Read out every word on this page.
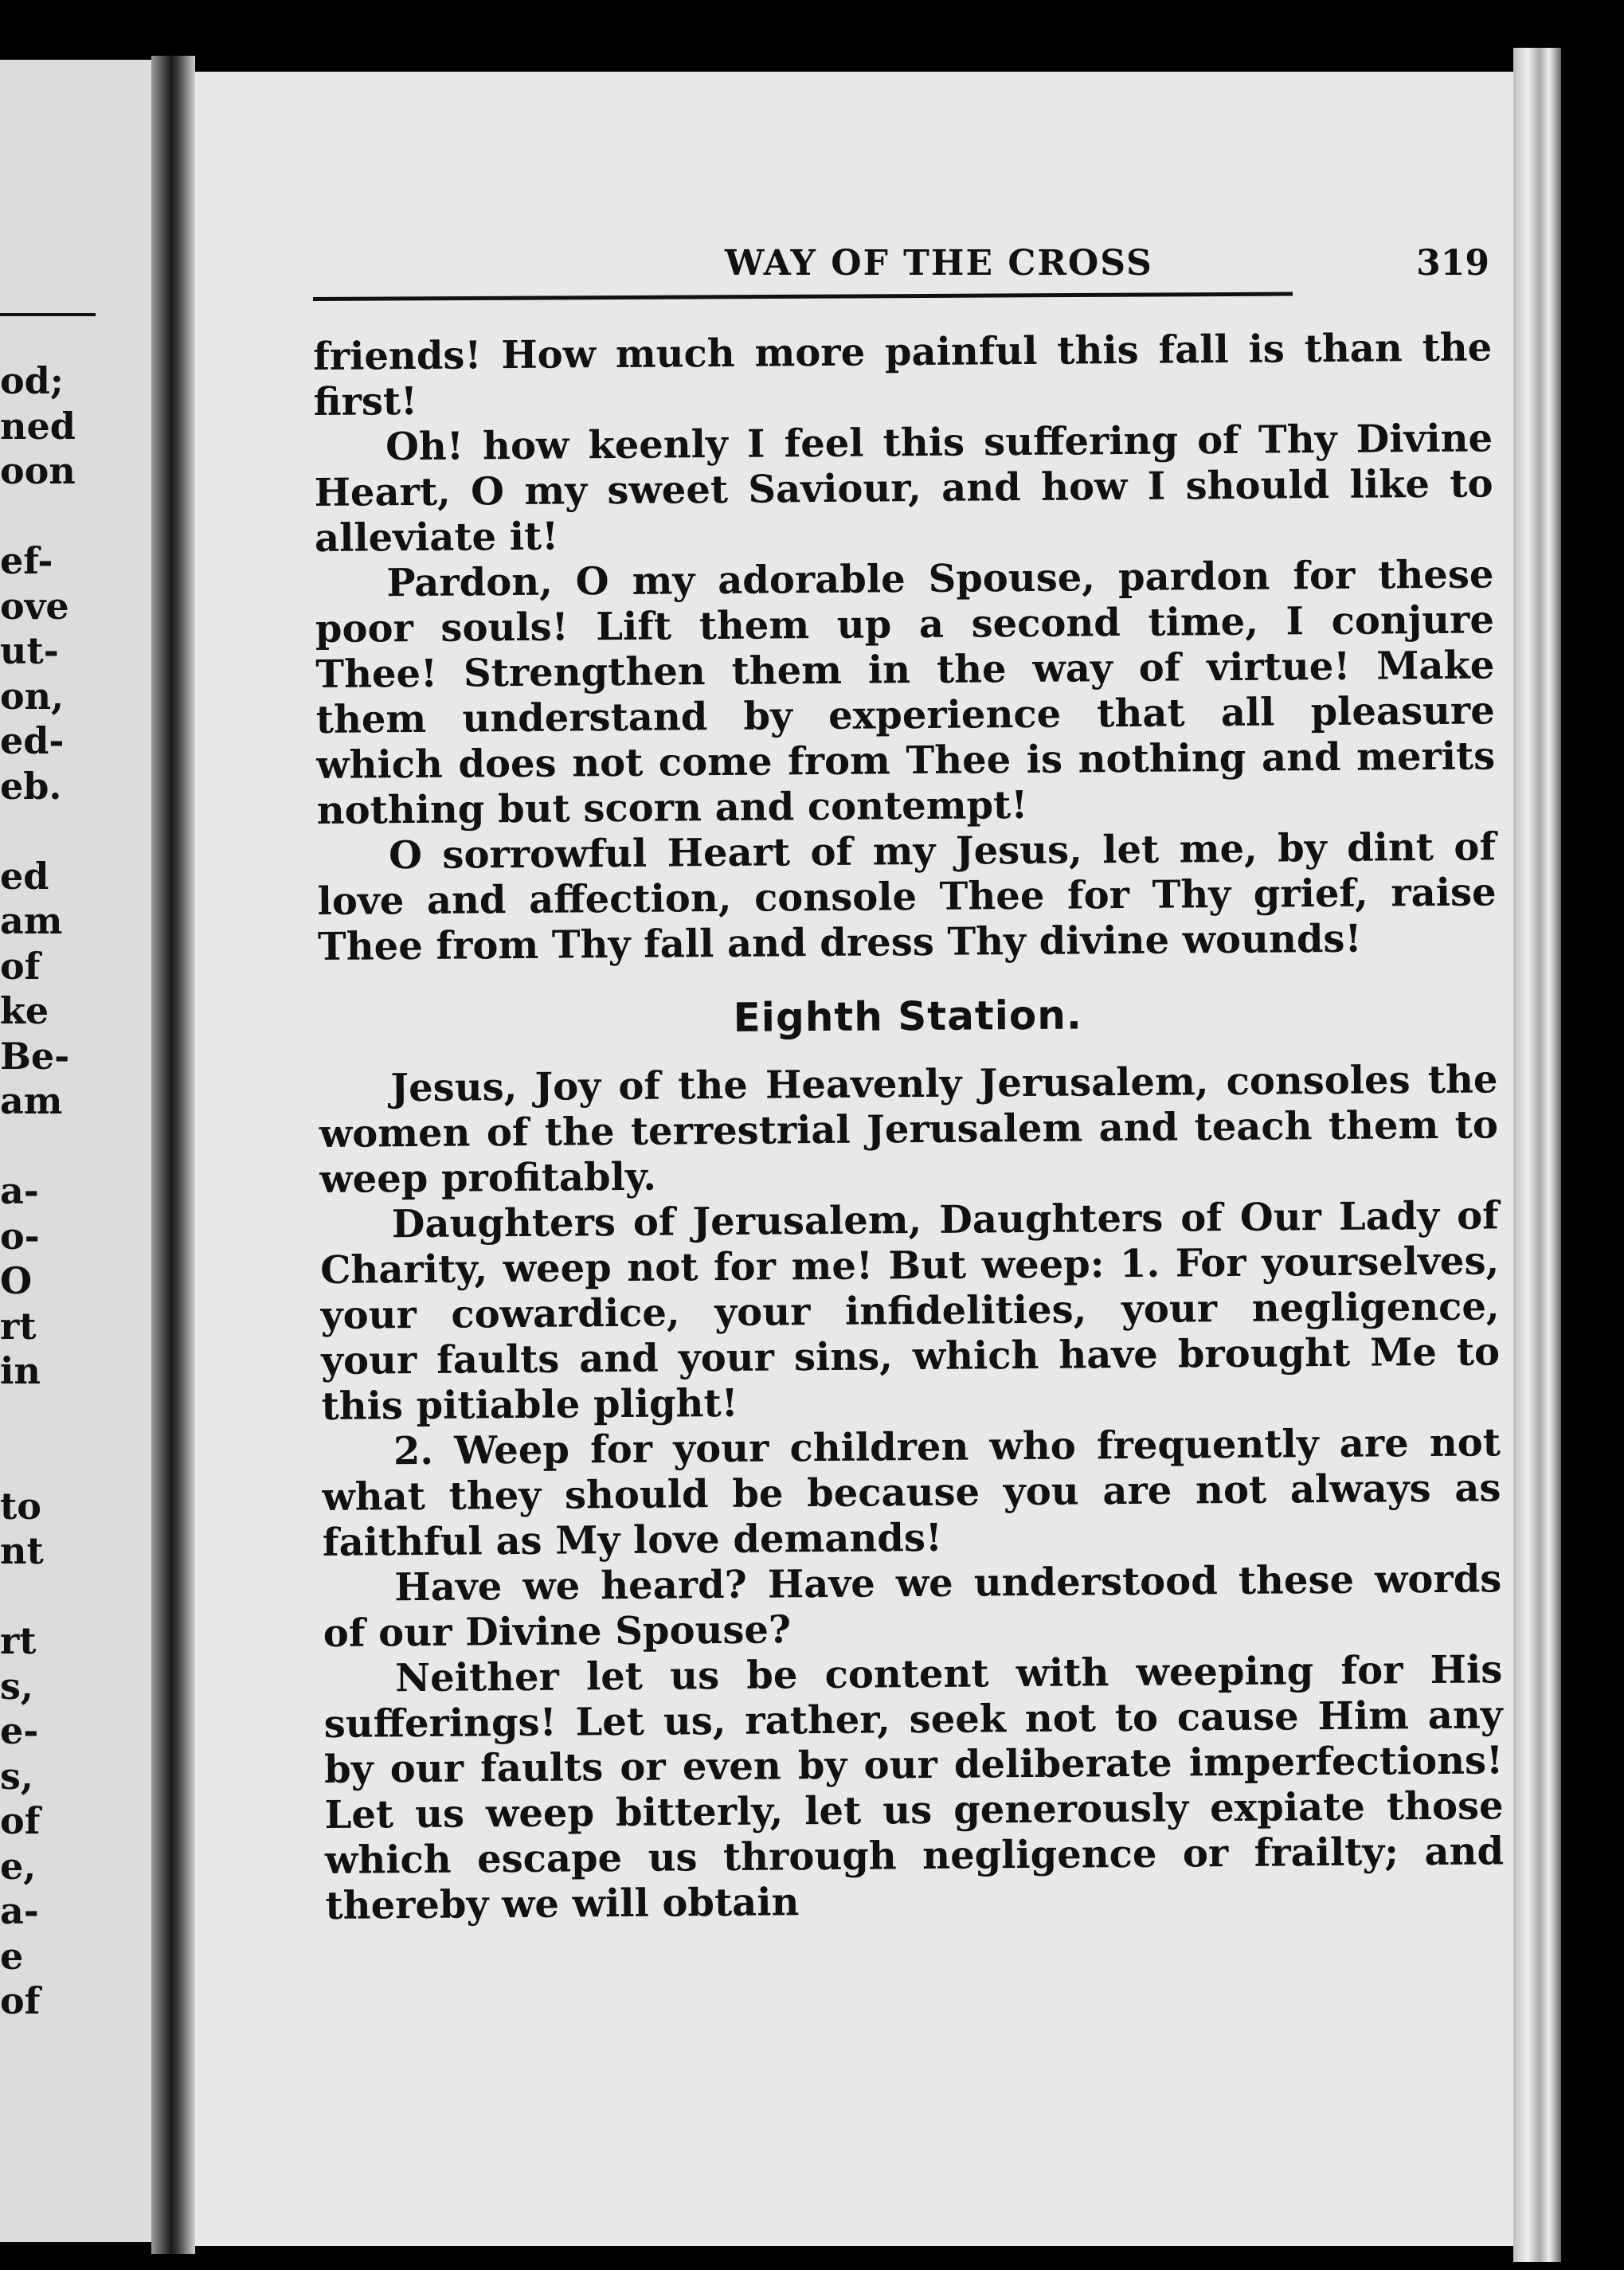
od;
ned
oon
ef-
ove
ut-
on,
ed-
eb.
ed
am
of
ke
Be-
am
a-
o-
O
rt
in
to
nt
rt
s,
e-
s,
of
e,
a-
e
of
WAY OF THE CROSS	319

friends! How much more painful this fall is than the first!

Oh! how keenly I feel this suffering of Thy Divine Heart, O my sweet Saviour, and how I should like to alleviate it!

Pardon, O my adorable Spouse, pardon for these poor souls! Lift them up a second time, I conjure Thee! Strengthen them in the way of virtue! Make them understand by experience that all pleasure which does not come from Thee is nothing and merits nothing but scorn and contempt!

O sorrowful Heart of my Jesus, let me, by dint of love and affection, console Thee for Thy grief, raise Thee from Thy fall and dress Thy divine wounds!

Eighth Station.

Jesus, Joy of the Heavenly Jerusalem, consoles the women of the terrestrial Jerusalem and teach them to weep profitably.

Daughters of Jerusalem, Daughters of Our Lady of Charity, weep not for me! But weep: 1. For yourselves, your cowardice, your infidelities, your negligence, your faults and your sins, which have brought Me to this pitiable plight!

2. Weep for your children who frequently are not what they should be because you are not always as faithful as My love demands!

Have we heard? Have we understood these words of our Divine Spouse?

Neither let us be content with weeping for His sufferings! Let us, rather, seek not to cause Him any by our faults or even by our deliberate imperfections! Let us weep bitterly, let us generously expiate those which escape us through negligence or frailty; and thereby we will obtain
